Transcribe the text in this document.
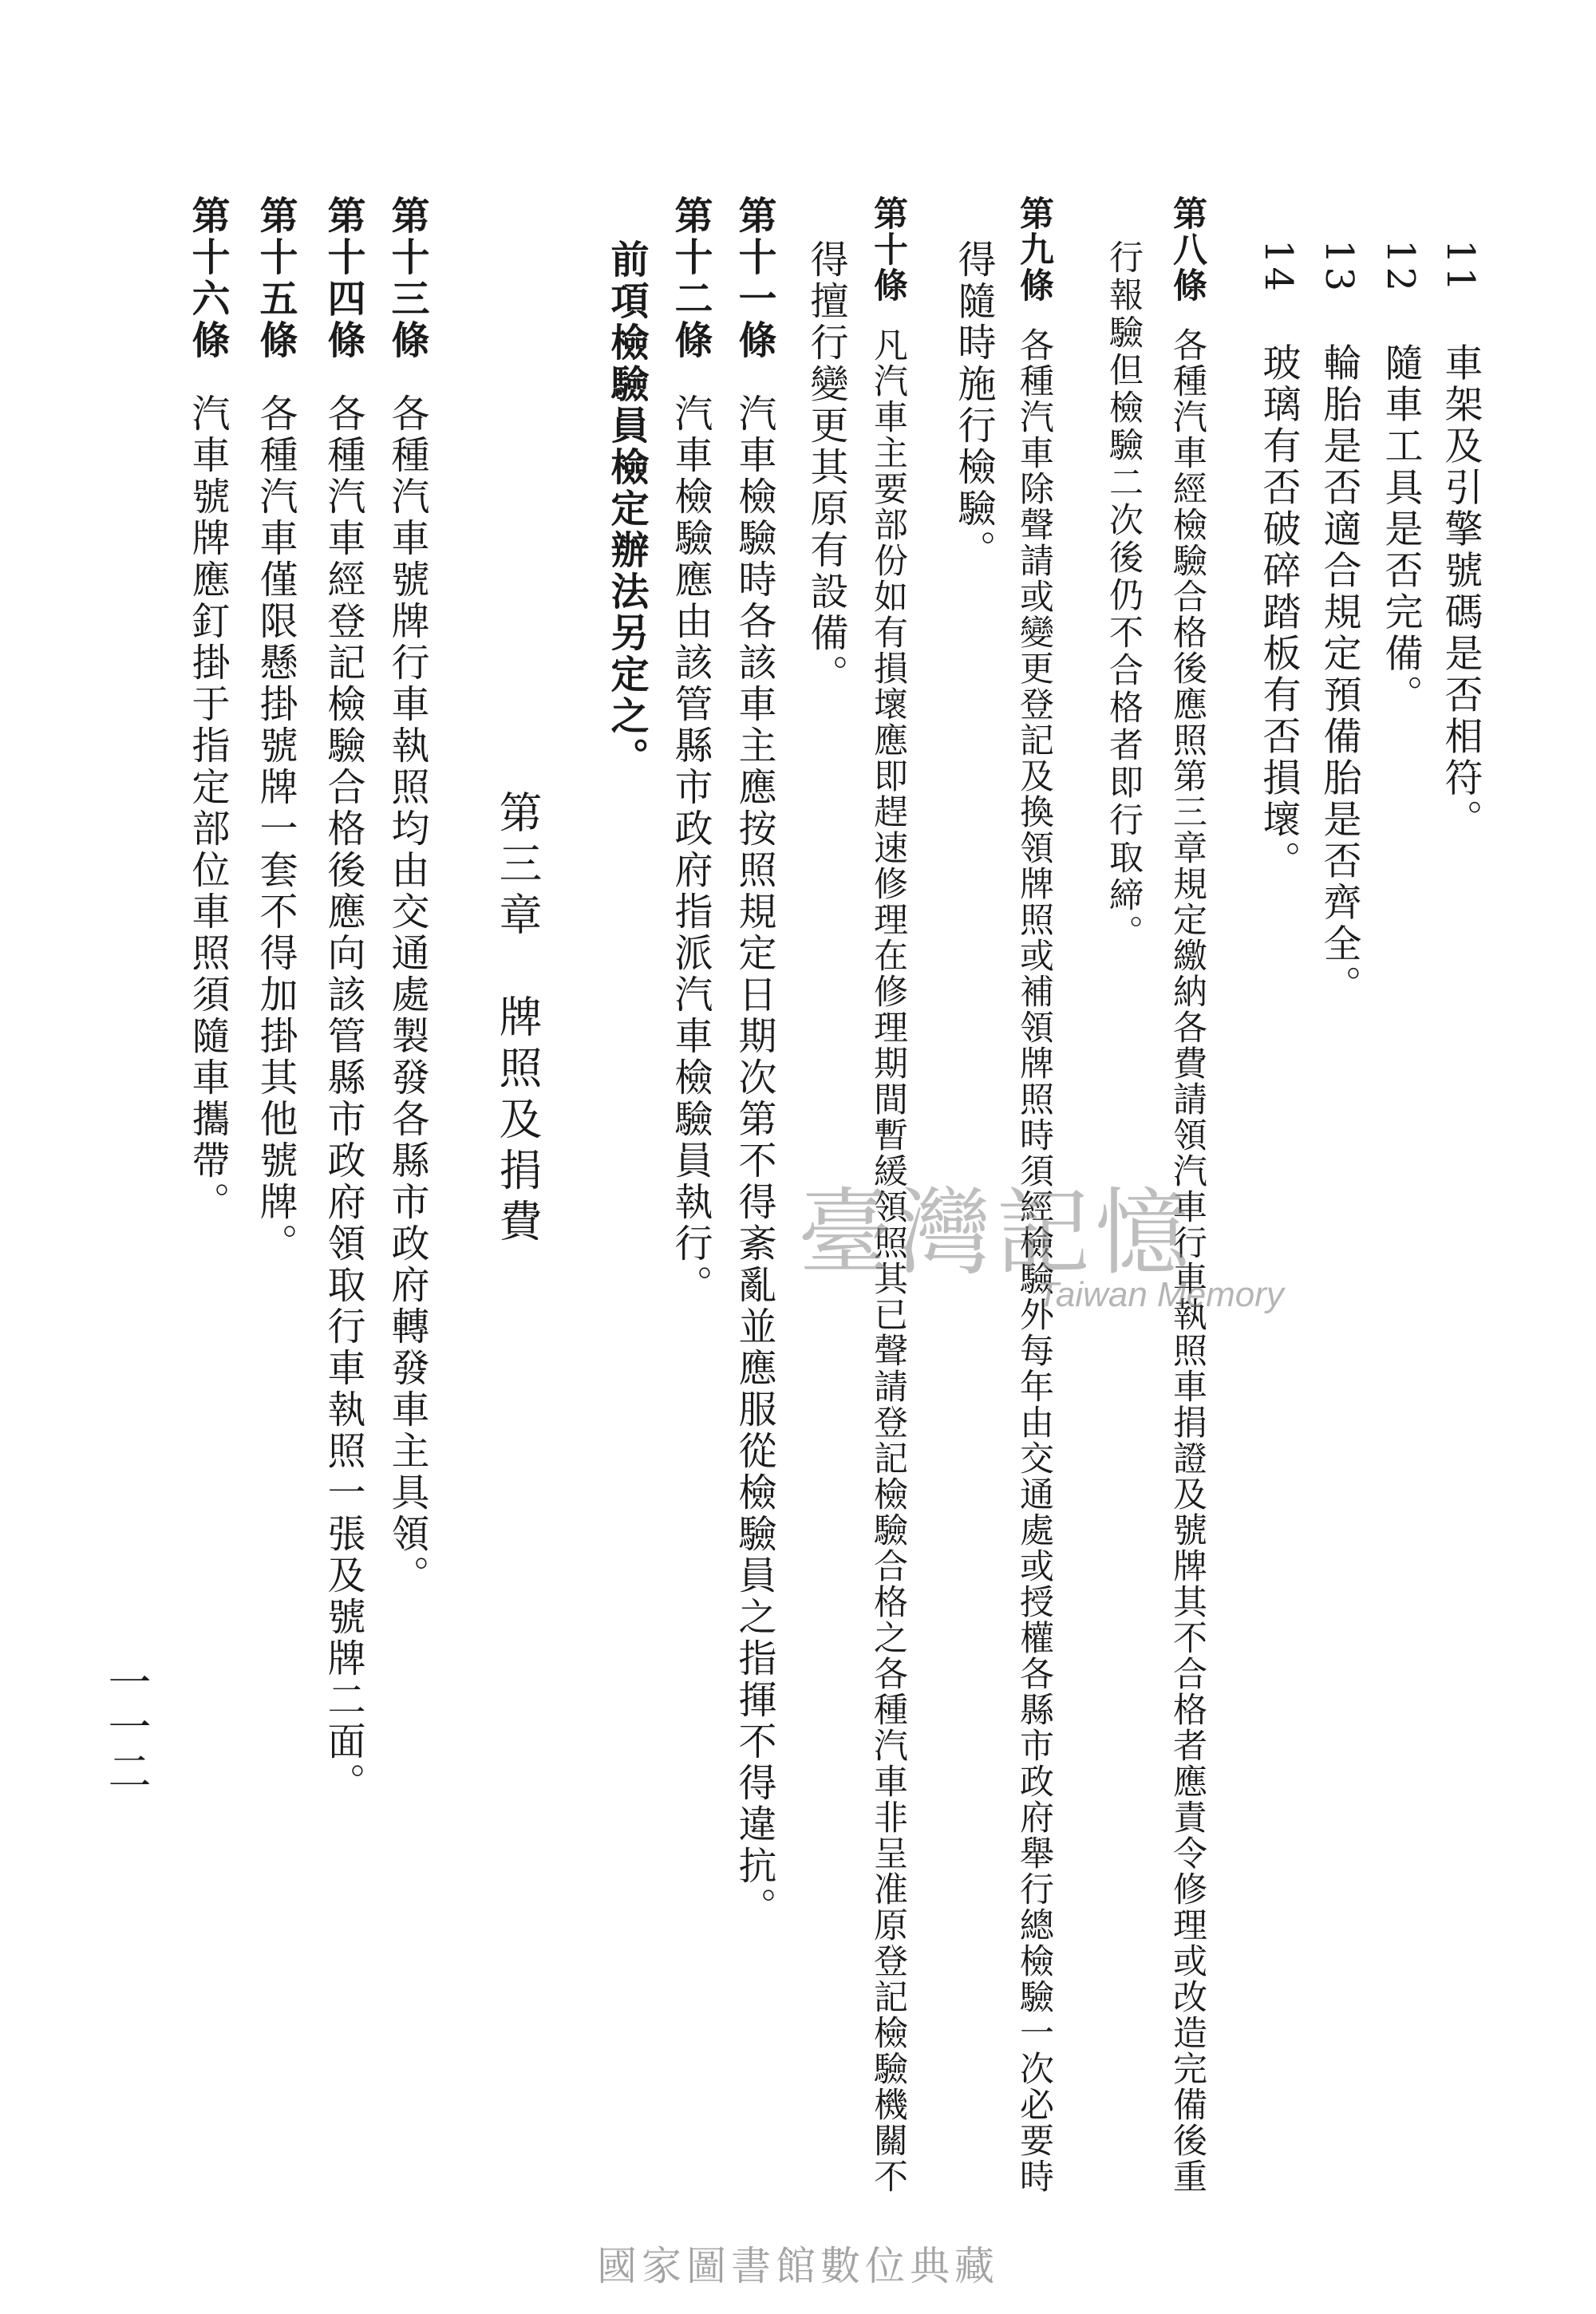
11車架及引擎號碼是否相符。
12隨車工具是否完備。
13輪胎是否適合規定預備胎是否齊全。
14玻璃有否破碎踏板有否損壞。
第八條各種汽車經檢驗合格後應照第三章規定繳納各費請領汽車行車執照車捐證及號牌其不合格者應責令修理或改造完備後重
行報驗但檢驗二次後仍不合格者即行取締。
第九條各種汽車除聲請或變更登記及換領牌照或補領牌照時須經檢驗外每年由交通處或授權各縣市政府舉行總檢驗一次必要時
得隨時施行檢驗。
第十條凡汽車主要部份如有損壞應即趕速修理在修理期間暫緩領照其已聲請登記檢驗合格之各種汽車非呈准原登記檢驗機關不
得擅行變更其原有設備。
第十一條汽車檢驗時各該車主應按照規定日期次第不得紊亂並應服從檢驗員之指揮不得違抗。
第十二條汽車檢驗應由該管縣市政府指派汽車檢驗員執行。
前項檢驗員檢定辦法另定之。
第三章　牌照及捐費
第十三條各種汽車號牌行車執照均由交通處製發各縣市政府轉發車主具領。
第十四條各種汽車經登記檢驗合格後應向該管縣市政府領取行車執照一張及號牌二面。
第十五條各種汽車僅限懸掛號牌一套不得加掛其他號牌。
第十六條汽車號牌應釘掛于指定部位車照須隨車攜帶。
一一二
臺灣記憶
Taiwan Memory
國家圖書館數位典藏
